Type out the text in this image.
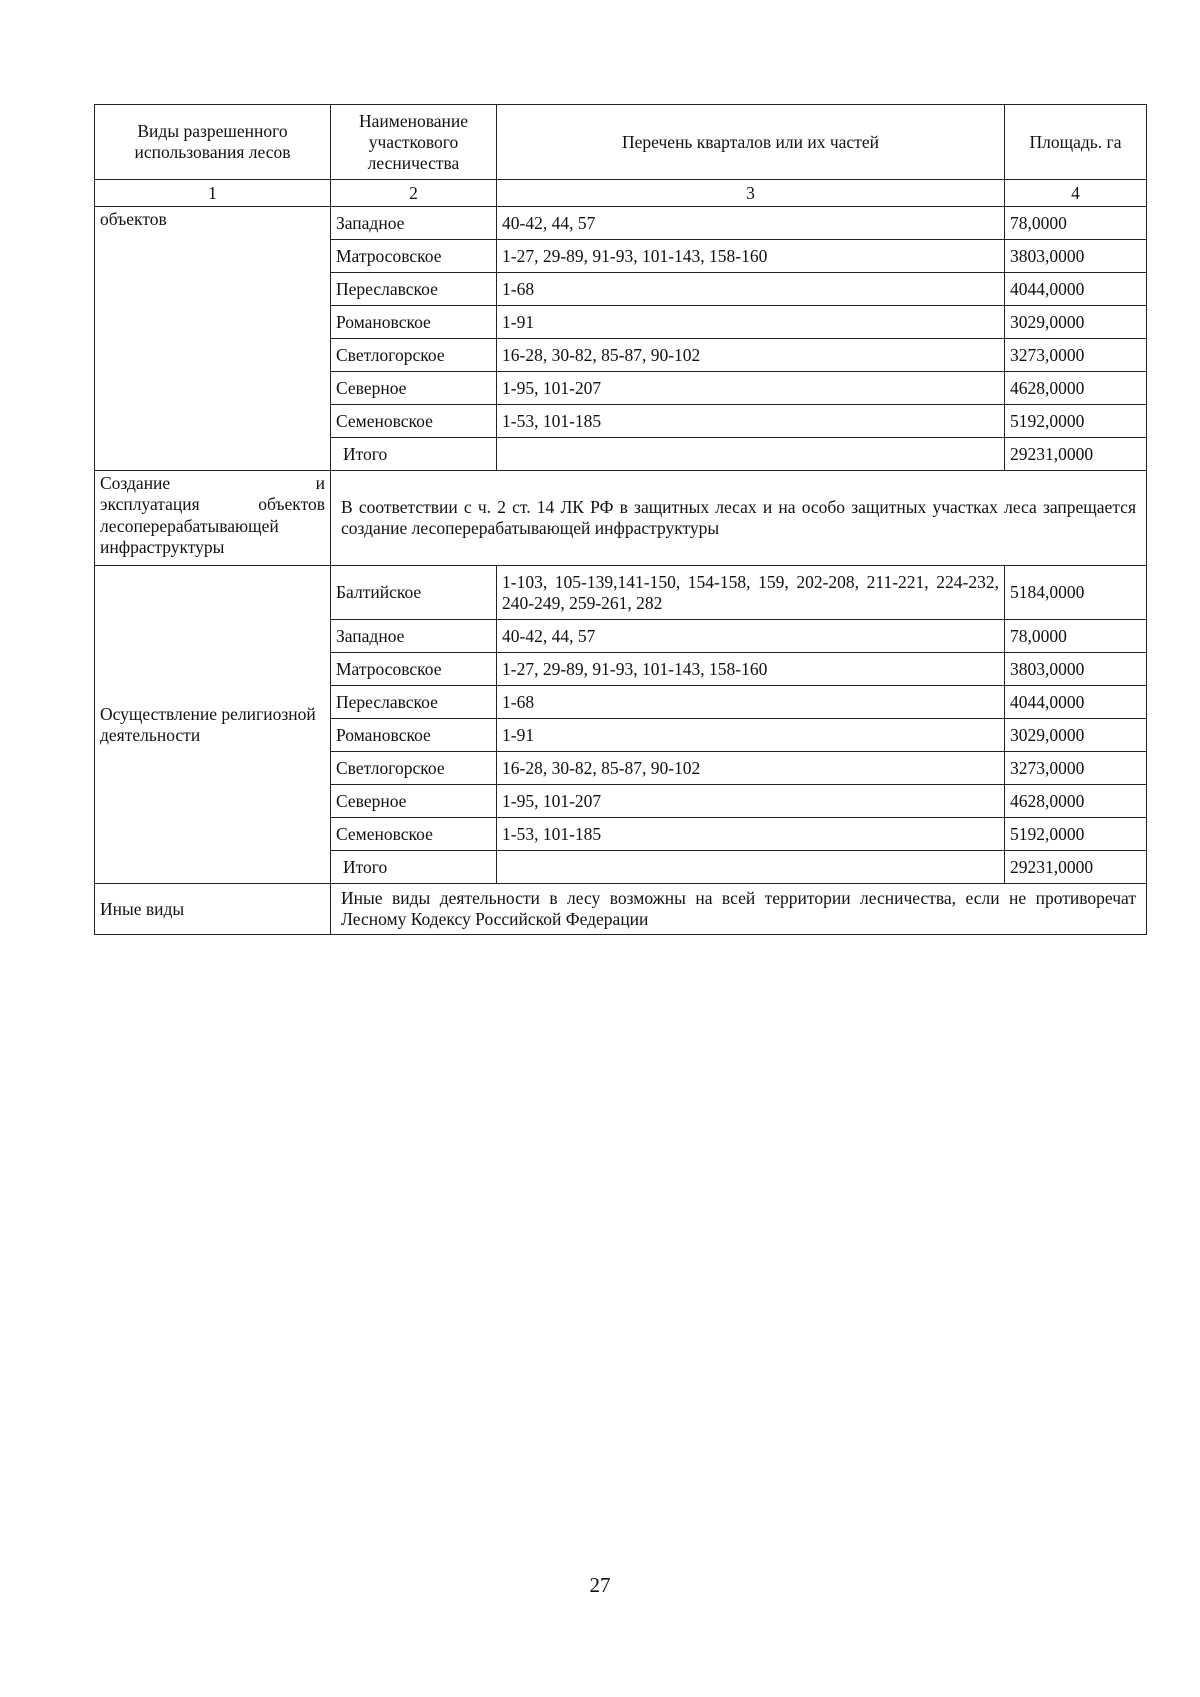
Виды разрешенного использования лесов	Наименование участкового лесничества	Перечень кварталов или их частей	Площадь. га
1	2	3	4
объектов	Западное	40-42, 44, 57	78,0000
	Матросовское	1-27, 29-89, 91-93, 101-143, 158-160	3803,0000
	Переславское	1-68	4044,0000
	Романовское	1-91	3029,0000
	Светлогорское	16-28, 30-82, 85-87, 90-102	3273,0000
	Северное	1-95, 101-207	4628,0000
	Семеновское	1-53, 101-185	5192,0000
	Итого		29231,0000

Создание и
эксплуатация объектов
лесоперерабатывающей
инфраструктуры	В соответствии с ч. 2 ст. 14 ЛК РФ в защитных лесах и на особо защитных участках леса запрещается создание лесоперерабатывающей инфраструктуры		
Осуществление религиозной деятельности	Балтийское	1-103, 105-139,141-150, 154-158, 159, 202-208, 211-221, 224-232, 240-249, 259-261, 282	5184,0000
	Западное	40-42, 44, 57	78,0000
	Матросовское	1-27, 29-89, 91-93, 101-143, 158-160	3803,0000
	Переславское	1-68	4044,0000
	Романовское	1-91	3029,0000
	Светлогорское	16-28, 30-82, 85-87, 90-102	3273,0000
	Северное	1-95, 101-207	4628,0000
	Семеновское	1-53, 101-185	5192,0000
	Итого		29231,0000
Иные виды	Иные виды деятельности в лесу возможны на всей территории лесничества, если не противоречат Лесному Кодексу Российской Федерации		
27
